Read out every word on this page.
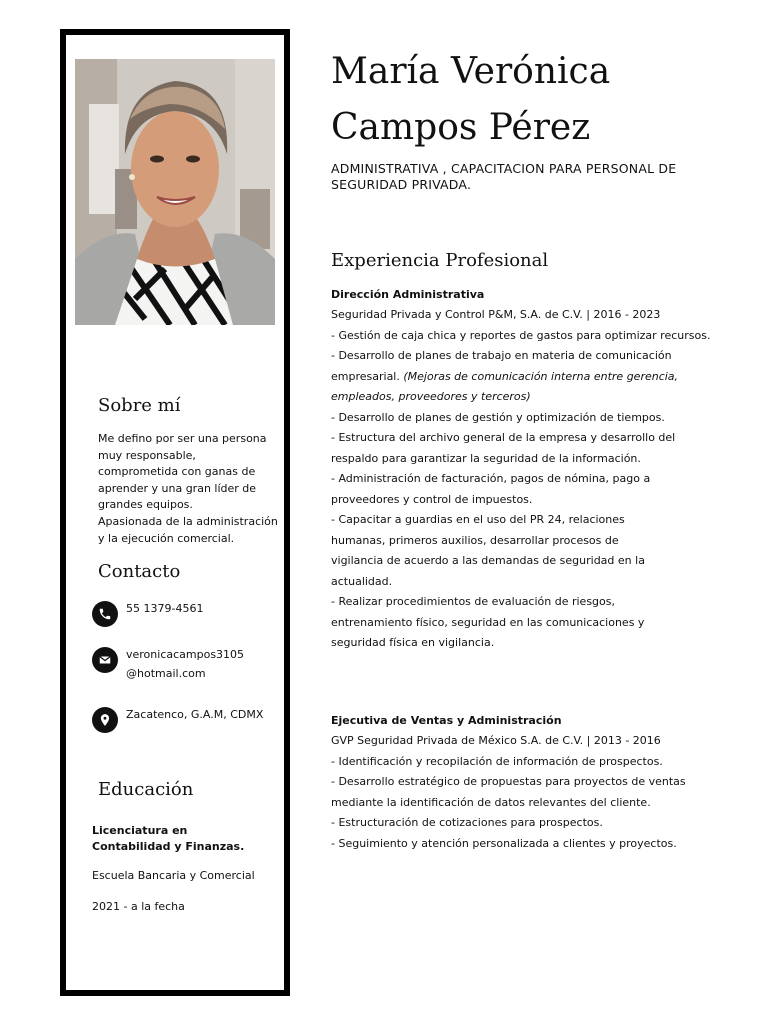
Sobre mí
Me defino por ser una persona muy responsable, comprometida con ganas de aprender y una gran líder de grandes equipos.
Apasionada de la administración y la ejecución comercial.
Contacto
55 1379-4561
veronicacampos3105
@hotmail.com
Zacatenco, G.A.M, CDMX
Educación
Licenciatura en Contabilidad y Finanzas.
Escuela Bancaria y Comercial
2021 - a la fecha
María Verónica
Campos Pérez
ADMINISTRATIVA , CAPACITACION PARA PERSONAL DE SEGURIDAD PRIVADA.
Experiencia Profesional
Dirección Administrativa
Seguridad Privada y Control P&M, S.A. de C.V. | 2016 - 2023
- Gestión de caja chica y reportes de gastos para optimizar recursos.
- Desarrollo de planes de trabajo en materia de comunicación
empresarial. (Mejoras de comunicación interna entre gerencia,
empleados, proveedores y terceros)
- Desarrollo de planes de gestión y optimización de tiempos.
- Estructura del archivo general de la empresa y desarrollo del
respaldo para garantizar la seguridad de la información.
- Administración de facturación, pagos de nómina, pago a
proveedores y control de impuestos.
- Capacitar a guardias en el uso del PR 24, relaciones
humanas, primeros auxilios, desarrollar procesos de
vigilancia de acuerdo a las demandas de seguridad en la
actualidad.
- Realizar procedimientos de evaluación de riesgos,
entrenamiento físico, seguridad en las comunicaciones y
seguridad física en vigilancia.
Ejecutiva de Ventas y Administración
GVP Seguridad Privada de México S.A. de C.V. | 2013 - 2016
- Identificación y recopilación de información de prospectos.
- Desarrollo estratégico de propuestas para proyectos de ventas
mediante la identificación de datos relevantes del cliente.
- Estructuración de cotizaciones para prospectos.
- Seguimiento y atención personalizada a clientes y proyectos.
